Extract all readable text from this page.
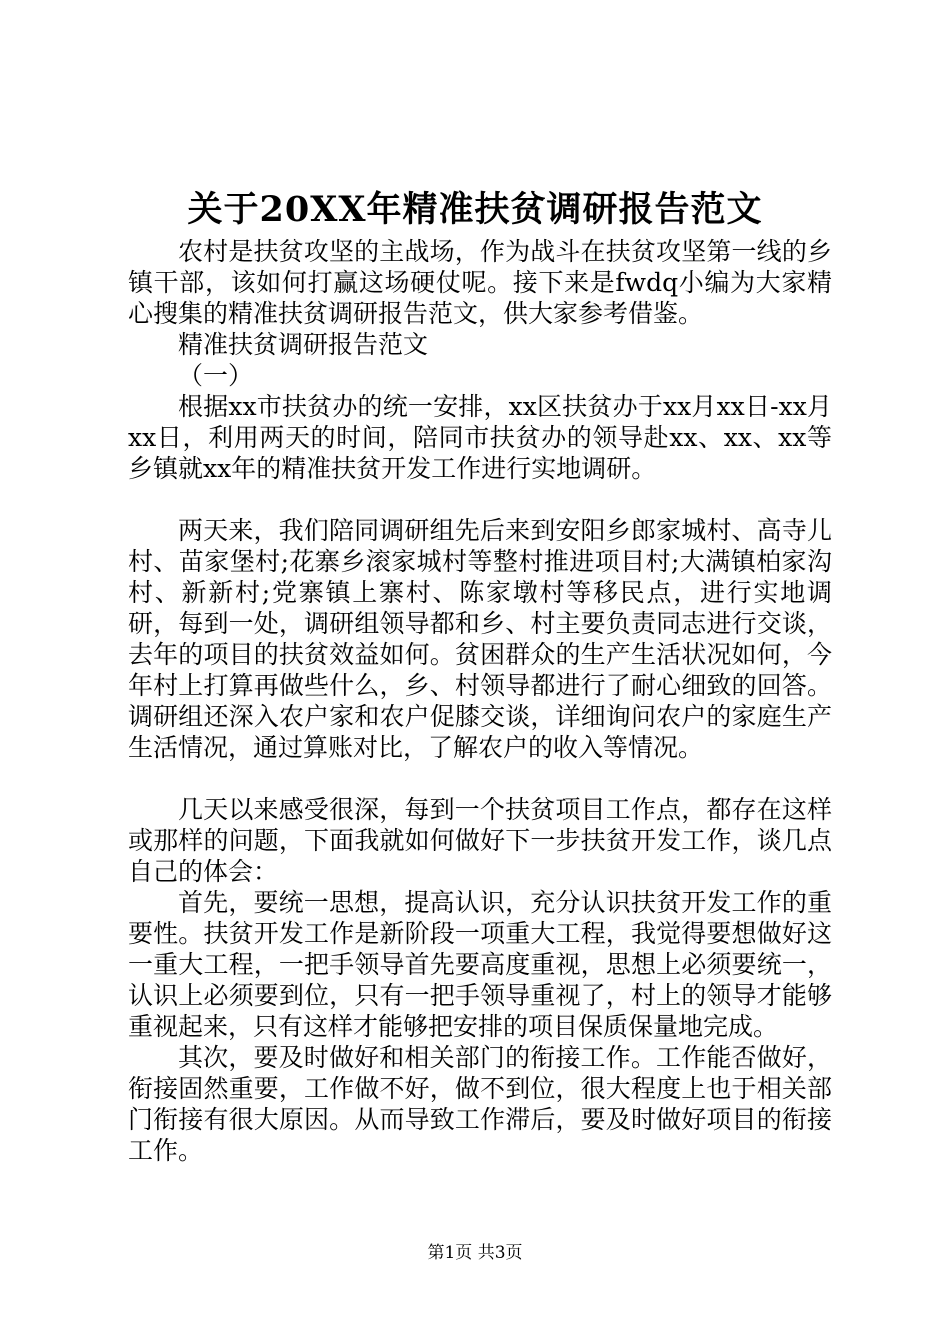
关于20XX年精准扶贫调研报告范文

农村是扶贫攻坚的主战场，作为战斗在扶贫攻坚第一线的乡镇干部，该如何打赢这场硬仗呢。接下来是fwdq小编为大家精心搜集的精准扶贫调研报告范文，供大家参考借鉴。

精准扶贫调研报告范文

（一）

根据xx市扶贫办的统一安排，xx区扶贫办于xx月xx日-xx月xx日，利用两天的时间，陪同市扶贫办的领导赴xx、xx、xx等乡镇就xx年的精准扶贫开发工作进行实地调研。

两天来，我们陪同调研组先后来到安阳乡郎家城村、高寺儿村、苗家堡村;花寨乡滚家城村等整村推进项目村;大满镇柏家沟村、新新村;党寨镇上寨村、陈家墩村等移民点，进行实地调研，每到一处，调研组领导都和乡、村主要负责同志进行交谈，去年的项目的扶贫效益如何。贫困群众的生产生活状况如何，今年村上打算再做些什么，乡、村领导都进行了耐心细致的回答。调研组还深入农户家和农户促膝交谈，详细询问农户的家庭生产生活情况，通过算账对比，了解农户的收入等情况。

几天以来感受很深，每到一个扶贫项目工作点，都存在这样或那样的问题，下面我就如何做好下一步扶贫开发工作，谈几点自己的体会：

首先，要统一思想，提高认识，充分认识扶贫开发工作的重要性。扶贫开发工作是新阶段一项重大工程，我觉得要想做好这一重大工程，一把手领导首先要高度重视，思想上必须要统一，认识上必须要到位，只有一把手领导重视了，村上的领导才能够重视起来，只有这样才能够把安排的项目保质保量地完成。

其次，要及时做好和相关部门的衔接工作。工作能否做好，衔接固然重要，工作做不好，做不到位，很大程度上也于相关部门衔接有很大原因。从而导致工作滞后，要及时做好项目的衔接工作。

第1页 共3页
